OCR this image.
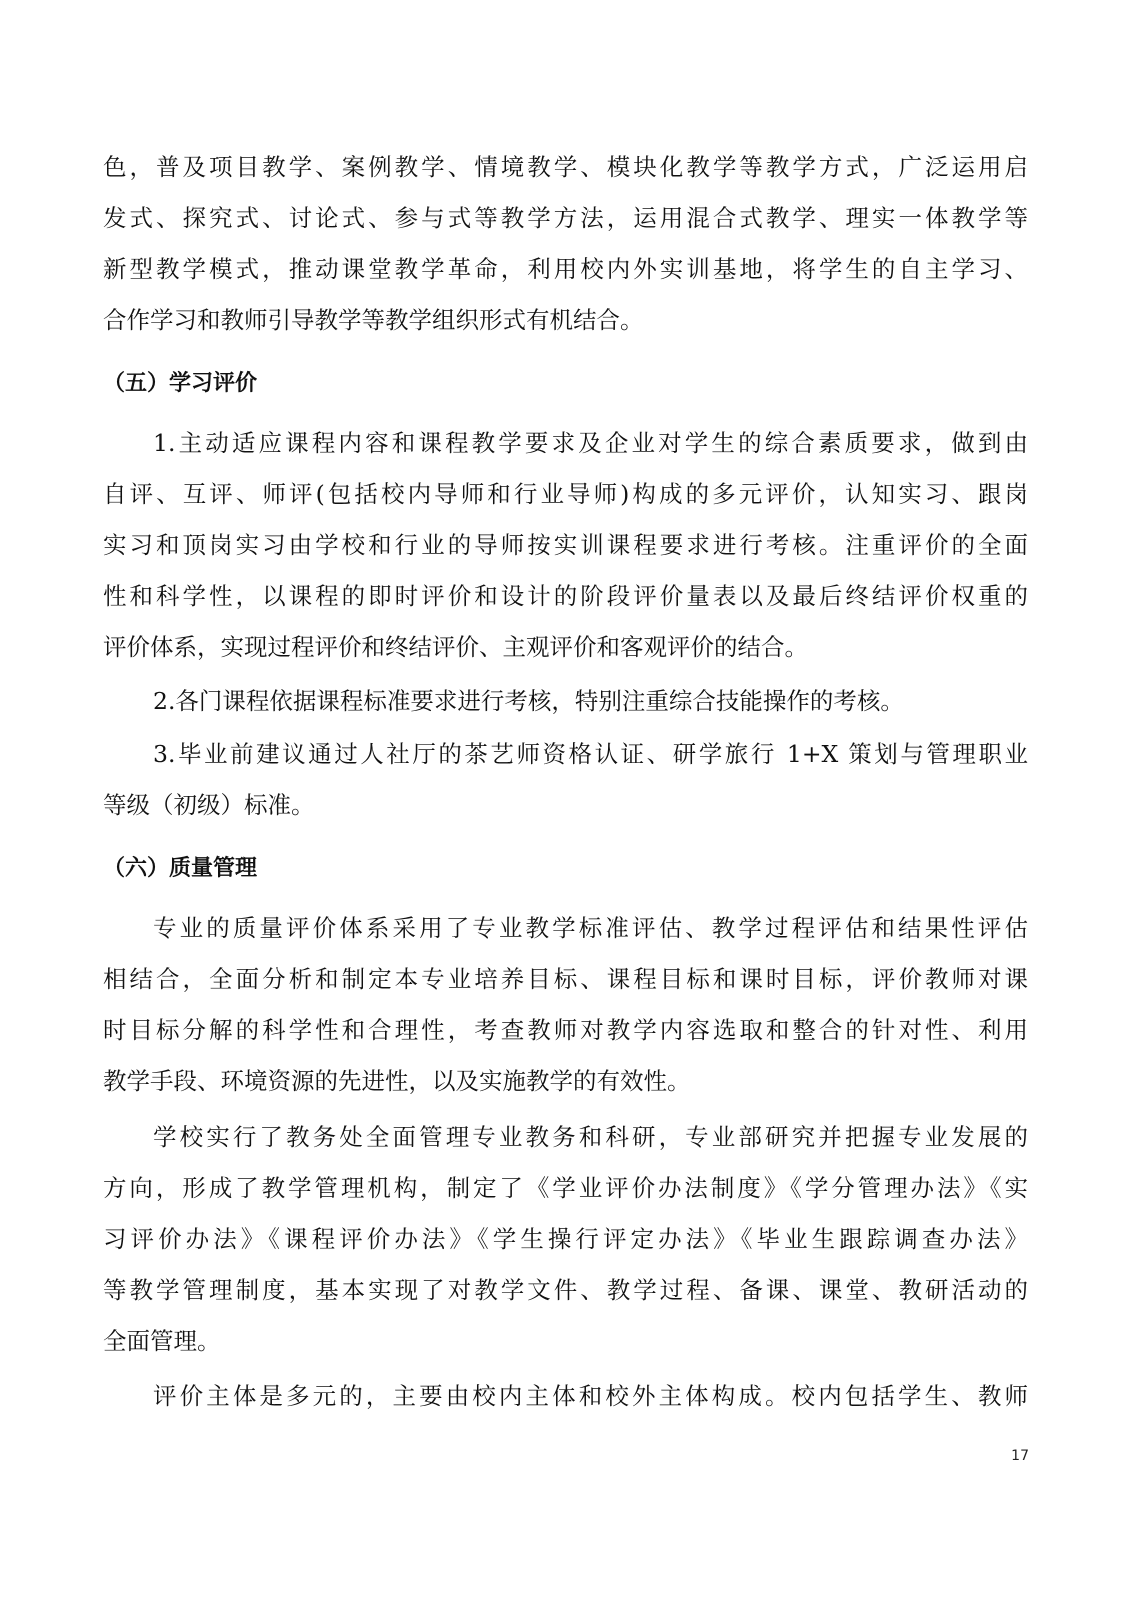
色，普及项目教学、案例教学、情境教学、模块化教学等教学方式，广泛运用启
发式、探究式、讨论式、参与式等教学方法，运用混合式教学、理实一体教学等
新型教学模式，推动课堂教学革命，利用校内外实训基地，将学生的自主学习、
合作学习和教师引导教学等教学组织形式有机结合。
（五）学习评价
1.主动适应课程内容和课程教学要求及企业对学生的综合素质要求，做到由
自评、互评、师评(包括校内导师和行业导师)构成的多元评价，认知实习、跟岗
实习和顶岗实习由学校和行业的导师按实训课程要求进行考核。注重评价的全面
性和科学性，以课程的即时评价和设计的阶段评价量表以及最后终结评价权重的
评价体系，实现过程评价和终结评价、主观评价和客观评价的结合。
2.各门课程依据课程标准要求进行考核，特别注重综合技能操作的考核。
3.毕业前建议通过人社厅的茶艺师资格认证、研学旅行 1+X 策划与管理职业
等级（初级）标准。
（六）质量管理
专业的质量评价体系采用了专业教学标准评估、教学过程评估和结果性评估
相结合，全面分析和制定本专业培养目标、课程目标和课时目标，评价教师对课
时目标分解的科学性和合理性，考查教师对教学内容选取和整合的针对性、利用
教学手段、环境资源的先进性，以及实施教学的有效性。
学校实行了教务处全面管理专业教务和科研，专业部研究并把握专业发展的
方向，形成了教学管理机构，制定了《学业评价办法制度》《学分管理办法》《实
习评价办法》《课程评价办法》《学生操行评定办法》《毕业生跟踪调查办法》
等教学管理制度，基本实现了对教学文件、教学过程、备课、课堂、教研活动的
全面管理。
评价主体是多元的，主要由校内主体和校外主体构成。校内包括学生、教师
17
